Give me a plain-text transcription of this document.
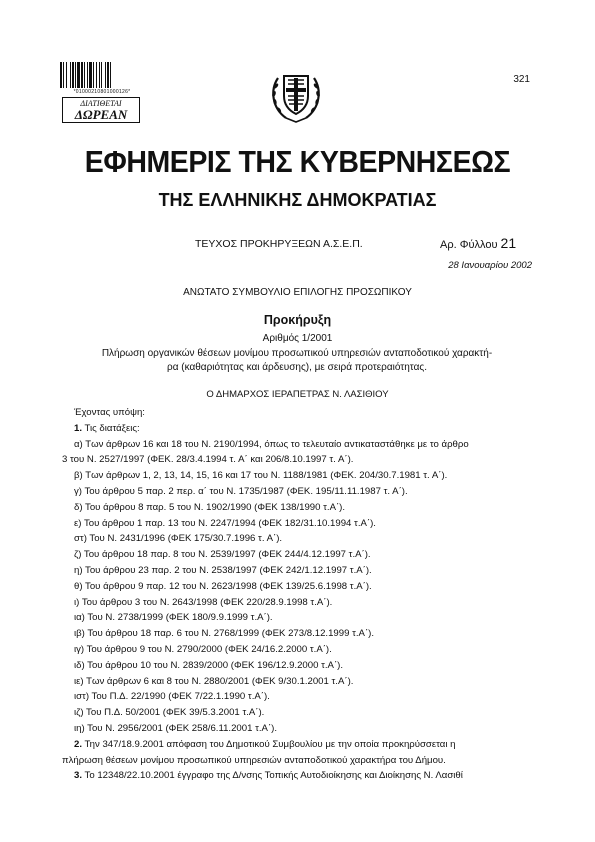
*01000210801000126*
ΔΙΑΤΙΘΕΤΑΙ
ΔΩΡΕΑΝ
321
ΕΦΗΜΕΡΙΣ ΤΗΣ ΚΥΒΕΡΝΗΣΕΩΣ
ΤΗΣ ΕΛΛΗΝΙΚΗΣ ΔΗΜΟΚΡΑΤΙΑΣ
ΤΕΥΧΟΣ ΠΡΟΚΗΡΥΞΕΩΝ Α.Σ.Ε.Π.	Αρ. Φύλλου 21
28 Ιανουαρίου 2002
ΑΝΩΤΑΤΟ ΣΥΜΒΟΥΛΙΟ ΕΠΙΛΟΓΗΣ ΠΡΟΣΩΠΙΚΟΥ
Προκήρυξη
Αριθμός 1/2001
Πλήρωση οργανικών θέσεων μονίμου προσωπικού υπηρεσιών ανταποδοτικού χαρακτή-
ρα (καθαριότητας και άρδευσης), με σειρά προτεραιότητας.
Ο ΔΗΜΑΡΧΟΣ ΙΕΡΑΠΕΤΡΑΣ Ν. ΛΑΣΙΘΙΟΥ

Έχοντας υπόψη:

1. Τις διατάξεις:

α) Των άρθρων 16 και 18 του Ν. 2190/1994, όπως το τελευταίο αντικαταστάθηκε με το άρθρο

3 του Ν. 2527/1997 (ΦΕΚ. 28/3.4.1994 τ. Α΄ και 206/8.10.1997 τ. Α΄).

β) Των άρθρων 1, 2, 13, 14, 15, 16 και 17 του Ν. 1188/1981 (ΦΕΚ. 204/30.7.1981 τ. Α΄).

γ) Του άρθρου 5 παρ. 2 περ. α΄ του Ν. 1735/1987 (ΦΕΚ. 195/11.11.1987 τ. Α΄).

δ) Του άρθρου 8 παρ. 5 του Ν. 1902/1990 (ΦΕΚ 138/1990 τ.Α΄).

ε) Του άρθρου 1 παρ. 13 του Ν. 2247/1994 (ΦΕΚ 182/31.10.1994 τ.Α΄).

στ) Του Ν. 2431/1996 (ΦΕΚ 175/30.7.1996 τ. Α΄).

ζ) Του άρθρου 18 παρ. 8 του Ν. 2539/1997 (ΦΕΚ 244/4.12.1997 τ.Α΄).

η) Του άρθρου 23 παρ. 2 του Ν. 2538/1997 (ΦΕΚ 242/1.12.1997 τ.Α΄).

θ) Του άρθρου 9 παρ. 12 του Ν. 2623/1998 (ΦΕΚ 139/25.6.1998 τ.Α΄).

ι) Του άρθρου 3 του Ν. 2643/1998 (ΦΕΚ 220/28.9.1998 τ.Α΄).

ια) Του Ν. 2738/1999 (ΦΕΚ 180/9.9.1999 τ.Α΄).

ιβ) Του άρθρου 18 παρ. 6 του Ν. 2768/1999 (ΦΕΚ 273/8.12.1999 τ.Α΄).

ιγ) Του άρθρου 9 του Ν. 2790/2000 (ΦΕΚ 24/16.2.2000 τ.Α΄).

ιδ) Του άρθρου 10 του Ν. 2839/2000 (ΦΕΚ 196/12.9.2000 τ.Α΄).

ιε) Των άρθρων 6 και 8 του Ν. 2880/2001 (ΦΕΚ 9/30.1.2001 τ.Α΄).

ιστ) Του Π.Δ. 22/1990 (ΦΕΚ 7/22.1.1990 τ.Α΄).

ιζ) Του Π.Δ. 50/2001 (ΦΕΚ 39/5.3.2001 τ.Α΄).

ιη) Του Ν. 2956/2001 (ΦΕΚ 258/6.11.2001 τ.Α΄).

2. Την 347/18.9.2001 απόφαση του Δημοτικού Συμβουλίου με την οποία προκηρύσσεται η

πλήρωση θέσεων μονίμου προσωπικού υπηρεσιών ανταποδοτικού χαρακτήρα του Δήμου.

3. Το 12348/22.10.2001 έγγραφο της Δ/νσης Τοπικής Αυτοδιοίκησης και Διοίκησης Ν. Λασιθί
